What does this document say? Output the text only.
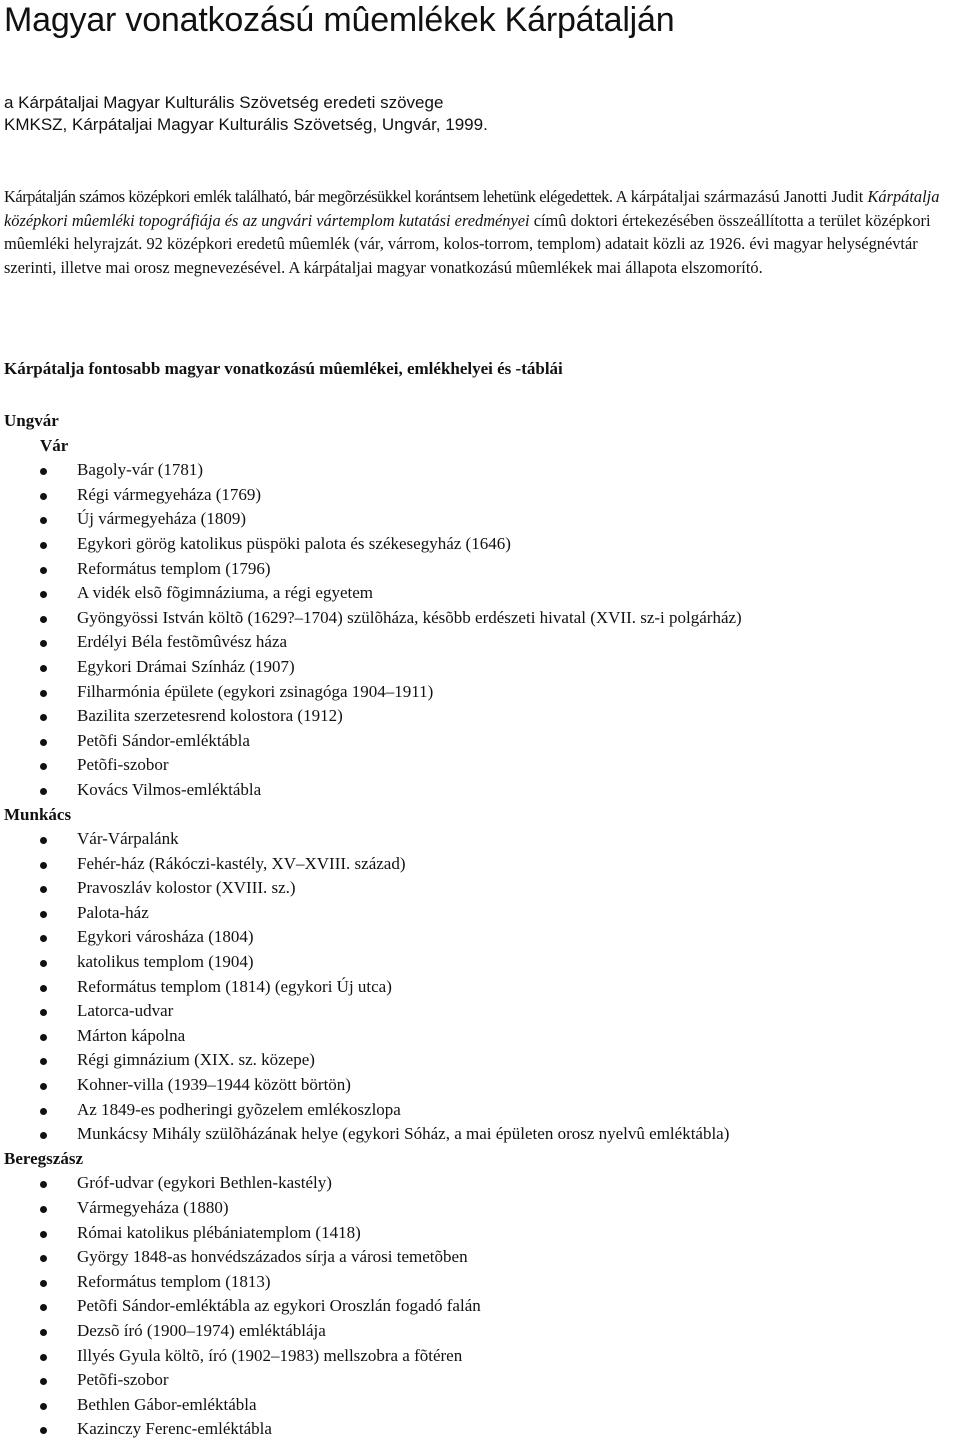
Magyar vonatkozású mûemlékek Kárpátalján
a Kárpátaljai Magyar Kulturális Szövetség eredeti szövege
KMKSZ, Kárpátaljai Magyar Kulturális Szövetség, Ungvár, 1999.

Kárpátalján számos középkori emlék található, bár megõrzésükkel korántsem lehetünk elégedettek. A kárpátaljai származású Janotti Judit Kárpátalja középkori mûemléki topográfiája és az ungvári vártemplom kutatási eredményei címû doktori értekezésében összeállította a terület középkori mûemléki helyrajzát. 92 középkori eredetû mûemlék (vár, várrom, kolos-torrom, templom) adatait közli az 1926. évi magyar helységnévtár szerinti, illetve mai orosz megnevezésével. A kárpátaljai magyar vonatkozású mûemlékek mai állapota elszomorító.

Kárpátalja fontosabb magyar vonatkozású mûemlékei, emlékhelyei és -táblái
Ungvár
Vár
Bagoly-vár (1781)
Régi vármegyeháza (1769)
Új vármegyeháza (1809)
Egykori görög katolikus püspöki palota és székesegyház (1646)
Református templom (1796)
A vidék elsõ fõgimnáziuma, a régi egyetem
Gyöngyössi István költõ (1629?–1704) szülõháza, késõbb erdészeti hivatal (XVII. sz-i polgárház)
Erdélyi Béla festõmûvész háza
Egykori Drámai Színház (1907)
Filharmónia épülete (egykori zsinagóga 1904–1911)
Bazilita szerzetesrend kolostora (1912)
Petõfi Sándor-emléktábla
Petõfi-szobor
Kovács Vilmos-emléktábla
Munkács
Vár-Várpalánk
Fehér-ház (Rákóczi-kastély, XV–XVIII. század)
Pravoszláv kolostor (XVIII. sz.)
Palota-ház
Egykori városháza (1804)
katolikus templom (1904)
Református templom (1814) (egykori Új utca)
Latorca-udvar
Márton kápolna
Régi gimnázium (XIX. sz. közepe)
Kohner-villa (1939–1944 között börtön)
Az 1849-es podheringi gyõzelem emlékoszlopa
Munkácsy Mihály szülõházának helye (egykori Sóház, a mai épületen orosz nyelvû emléktábla)
Beregszász
Gróf-udvar (egykori Bethlen-kastély)
Vármegyeháza (1880)
Római katolikus plébániatemplom (1418)
György 1848-as honvédszázados sírja a városi temetõben
Református templom (1813)
Petõfi Sándor-emléktábla az egykori Oroszlán fogadó falán
Dezsõ író (1900–1974) emléktáblája
Illyés Gyula költõ, író (1902–1983) mellszobra a fõtéren
Petõfi-szobor
Bethlen Gábor-emléktábla
Kazinczy Ferenc-emléktábla
